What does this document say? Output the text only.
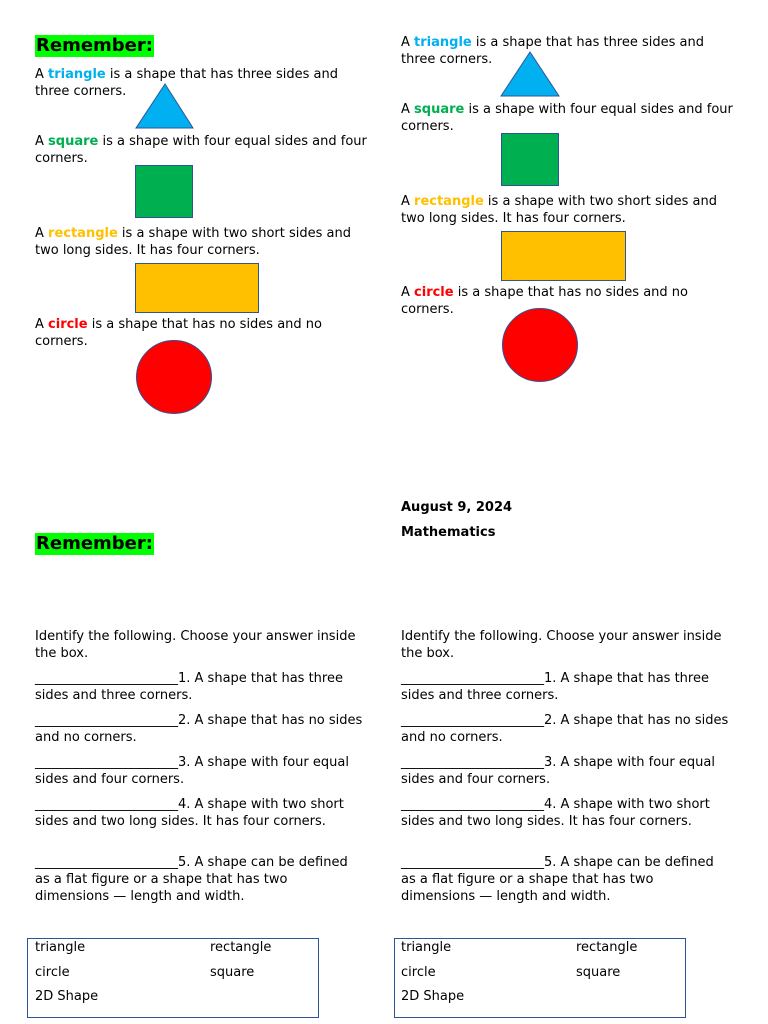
Remember:
A triangle is a shape that has three sides and three corners.
A square is a shape with four equal sides and four corners.
A rectangle is a shape with two short sides and two long sides. It has four corners.
A circle is a shape that has no sides and no corners.
A triangle is a shape that has three sides and three corners.
A square is a shape with four equal sides and four corners.
A rectangle is a shape with two short sides and two long sides. It has four corners.
A circle is a shape that has no sides and no corners.
Remember:
Identify the following. Choose your answer inside the box.
______________________1. A shape that has three sides and three corners.
______________________2. A shape that has no sides and no corners.
______________________3. A shape with four equal sides and four corners.
______________________4. A shape with two short sides and two long sides. It has four corners.
______________________5. A shape can be defined as a flat figure or a shape that has two dimensions — length and width.
triangle	rectangle
circle	square
2D Shape
August 9, 2024
Mathematics
Identify the following. Choose your answer inside the box.
______________________1. A shape that has three sides and three corners.
______________________2. A shape that has no sides and no corners.
______________________3. A shape with four equal sides and four corners.
______________________4. A shape with two short sides and two long sides. It has four corners.
______________________5. A shape can be defined as a flat figure or a shape that has two dimensions — length and width.
triangle	rectangle
circle	square
2D Shape
